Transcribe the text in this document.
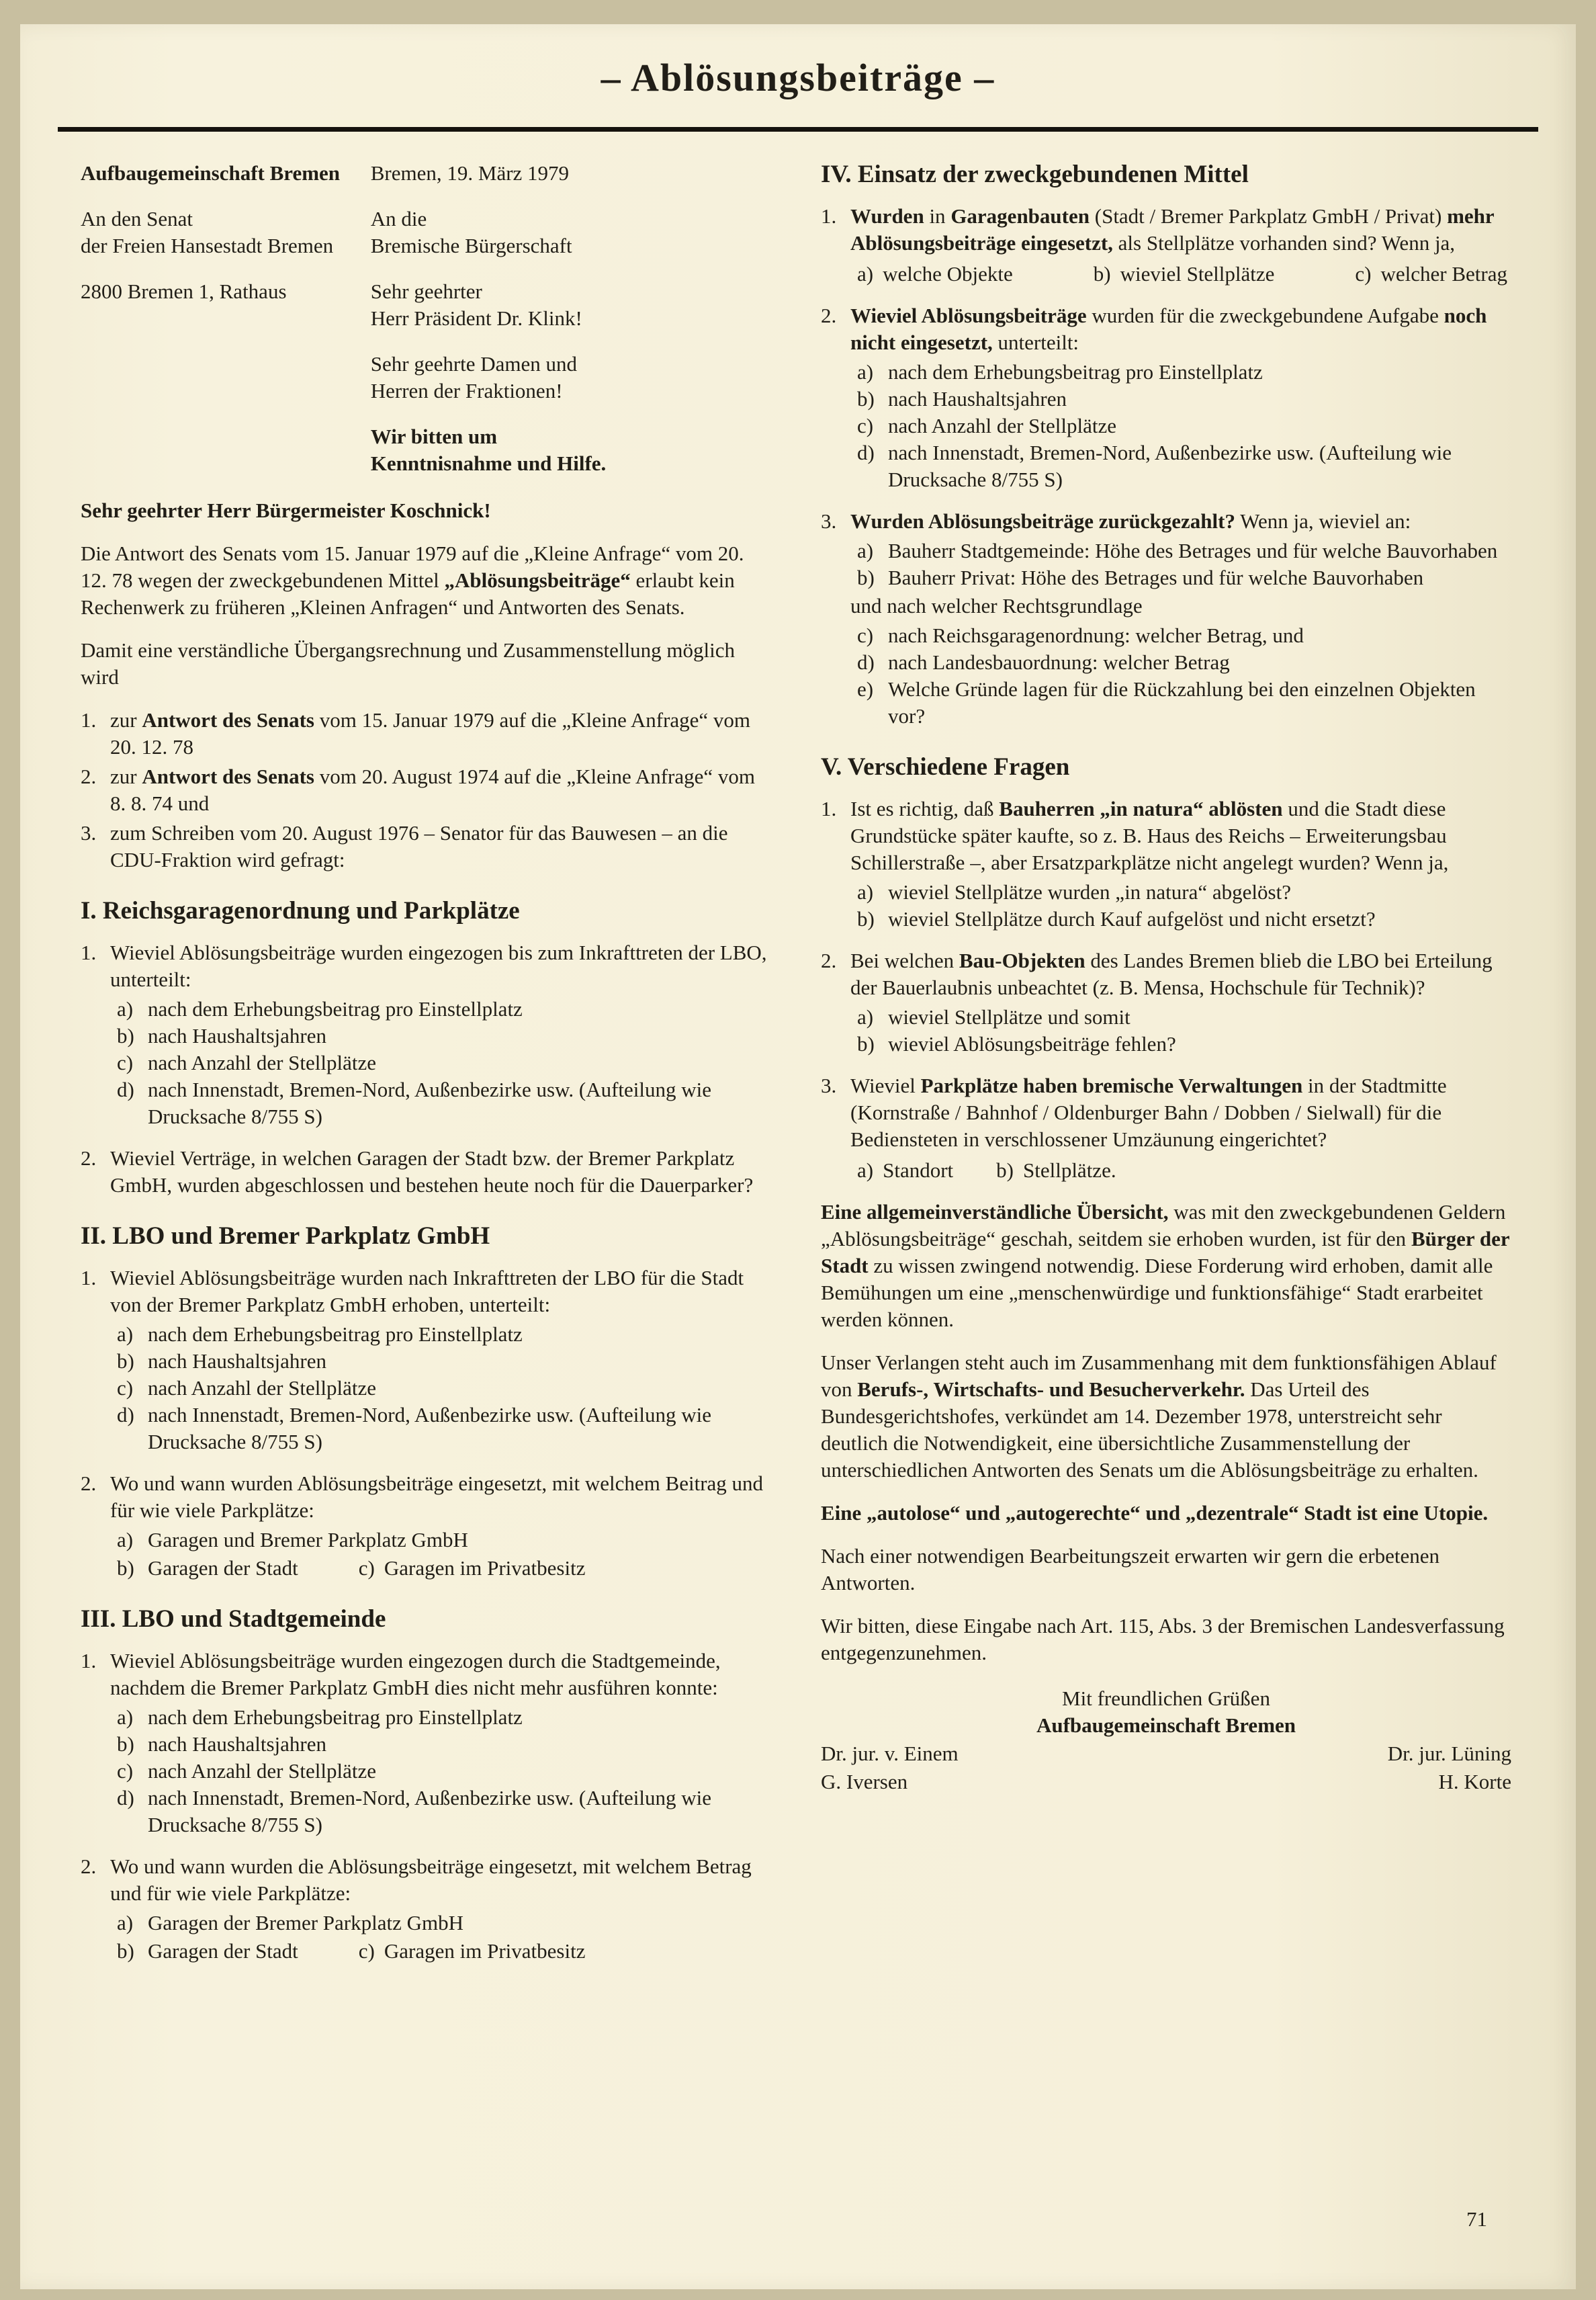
– Ablösungsbeiträge –
Aufbaugemeinschaft Bremen
An den Senat
der Freien Hansestadt Bremen
2800 Bremen 1, Rathaus
Bremen, 19. März 1979
An die
Bremische Bürgerschaft
Sehr geehrter
Herr Präsident Dr. Klink!
Sehr geehrte Damen und
Herren der Fraktionen!
Wir bitten um
Kenntnisnahme und Hilfe.
Sehr geehrter Herr Bürgermeister Koschnick!

Die Antwort des Senats vom 15. Januar 1979 auf die „Kleine Anfrage“ vom 20. 12. 78 wegen der zweckgebundenen Mittel „Ablösungsbeiträge“ erlaubt kein Rechenwerk zu früheren „Kleinen Anfragen“ und Antworten des Senats.

Damit eine verständliche Übergangsrechnung und Zusammenstellung möglich wird

1. zur Antwort des Senats vom 15. Januar 1979 auf die „Kleine Anfrage“ vom 20. 12. 78
2. zur Antwort des Senats vom 20. August 1974 auf die „Kleine Anfrage“ vom 8. 8. 74 und
3. zum Schreiben vom 20. August 1976 – Senator für das Bauwesen – an die CDU-Fraktion wird gefragt:
I. Reichsgaragenordnung und Parkplätze
1. Wieviel Ablösungsbeiträge wurden eingezogen bis zum Inkrafttreten der LBO, unterteilt:
a) nach dem Erhebungsbeitrag pro Einstellplatz
b) nach Haushaltsjahren
c) nach Anzahl der Stellplätze
d) nach Innenstadt, Bremen-Nord, Außenbezirke usw. (Aufteilung wie Drucksache 8/755 S)
2. Wieviel Verträge, in welchen Garagen der Stadt bzw. der Bremer Parkplatz GmbH, wurden abgeschlossen und bestehen heute noch für die Dauerparker?
II. LBO und Bremer Parkplatz GmbH
1. Wieviel Ablösungsbeiträge wurden nach Inkrafttreten der LBO für die Stadt von der Bremer Parkplatz GmbH erhoben, unterteilt:
a) nach dem Erhebungsbeitrag pro Einstellplatz
b) nach Haushaltsjahren
c) nach Anzahl der Stellplätze
d) nach Innenstadt, Bremen-Nord, Außenbezirke usw. (Aufteilung wie Drucksache 8/755 S)
2. Wo und wann wurden Ablösungsbeiträge eingesetzt, mit welchem Beitrag und für wie viele Parkplätze:
a) Garagen und Bremer Parkplatz GmbH
b) Garagen der Stadt	c) Garagen im Privatbesitz
III. LBO und Stadtgemeinde
1. Wieviel Ablösungsbeiträge wurden eingezogen durch die Stadtgemeinde, nachdem die Bremer Parkplatz GmbH dies nicht mehr ausführen konnte:
a) nach dem Erhebungsbeitrag pro Einstellplatz
b) nach Haushaltsjahren
c) nach Anzahl der Stellplätze
d) nach Innenstadt, Bremen-Nord, Außenbezirke usw. (Aufteilung wie Drucksache 8/755 S)
2. Wo und wann wurden die Ablösungsbeiträge eingesetzt, mit welchem Betrag und für wie viele Parkplätze:
a) Garagen der Bremer Parkplatz GmbH
b) Garagen der Stadt	c) Garagen im Privatbesitz
IV. Einsatz der zweckgebundenen Mittel
1. Wurden in Garagenbauten (Stadt / Bremer Parkplatz GmbH / Privat) mehr Ablösungsbeiträge eingesetzt, als Stellplätze vorhanden sind? Wenn ja,
a) welche Objekte	b) wieviel Stellplätze	c) welcher Betrag
2. Wieviel Ablösungsbeiträge wurden für die zweckgebundene Aufgabe noch nicht eingesetzt, unterteilt:
a) nach dem Erhebungsbeitrag pro Einstellplatz
b) nach Haushaltsjahren
c) nach Anzahl der Stellplätze
d) nach Innenstadt, Bremen-Nord, Außenbezirke usw. (Aufteilung wie Drucksache 8/755 S)
3. Wurden Ablösungsbeiträge zurückgezahlt? Wenn ja, wieviel an:
a) Bauherr Stadtgemeinde: Höhe des Betrages und für welche Bauvorhaben
b) Bauherr Privat: Höhe des Betrages und für welche Bauvorhaben
und nach welcher Rechtsgrundlage
c) nach Reichsgaragenordnung: welcher Betrag, und
d) nach Landesbauordnung: welcher Betrag
e) Welche Gründe lagen für die Rückzahlung bei den einzelnen Objekten vor?
V. Verschiedene Fragen
1. Ist es richtig, daß Bauherren „in natura“ ablösten und die Stadt diese Grundstücke später kaufte, so z. B. Haus des Reichs – Erweiterungsbau Schillerstraße –, aber Ersatzparkplätze nicht angelegt wurden? Wenn ja,
a) wieviel Stellplätze wurden „in natura“ abgelöst?
b) wieviel Stellplätze durch Kauf aufgelöst und nicht ersetzt?
2. Bei welchen Bau-Objekten des Landes Bremen blieb die LBO bei Erteilung der Bauerlaubnis unbeachtet (z. B. Mensa, Hochschule für Technik)?
a) wieviel Stellplätze und somit
b) wieviel Ablösungsbeiträge fehlen?
3. Wieviel Parkplätze haben bremische Verwaltungen in der Stadtmitte (Kornstraße / Bahnhof / Oldenburger Bahn / Dobben / Sielwall) für die Bediensteten in verschlossener Umzäunung eingerichtet?
a) Standort b) Stellplätze.

Eine allgemeinverständliche Übersicht, was mit den zweckgebundenen Geldern „Ablösungsbeiträge“ geschah, seitdem sie erhoben wurden, ist für den Bürger der Stadt zu wissen zwingend notwendig. Diese Forderung wird erhoben, damit alle Bemühungen um eine „menschenwürdige und funktionsfähige“ Stadt erarbeitet werden können.

Unser Verlangen steht auch im Zusammenhang mit dem funktionsfähigen Ablauf von Berufs-, Wirtschafts- und Besucherverkehr. Das Urteil des Bundesgerichtshofes, verkündet am 14. Dezember 1978, unterstreicht sehr deutlich die Notwendigkeit, eine übersichtliche Zusammenstellung der unterschiedlichen Antworten des Senats um die Ablösungsbeiträge zu erhalten.

Eine „autolose“ und „autogerechte“ und „dezentrale“ Stadt ist eine Utopie.

Nach einer notwendigen Bearbeitungszeit erwarten wir gern die erbetenen Antworten.

Wir bitten, diese Eingabe nach Art. 115, Abs. 3 der Bremischen Landesverfassung entgegenzunehmen.

Mit freundlichen Grüßen
Aufbaugemeinschaft Bremen
Dr. jur. v. Einem	Dr. jur. Lüning
G. Iversen	H. Korte
71
